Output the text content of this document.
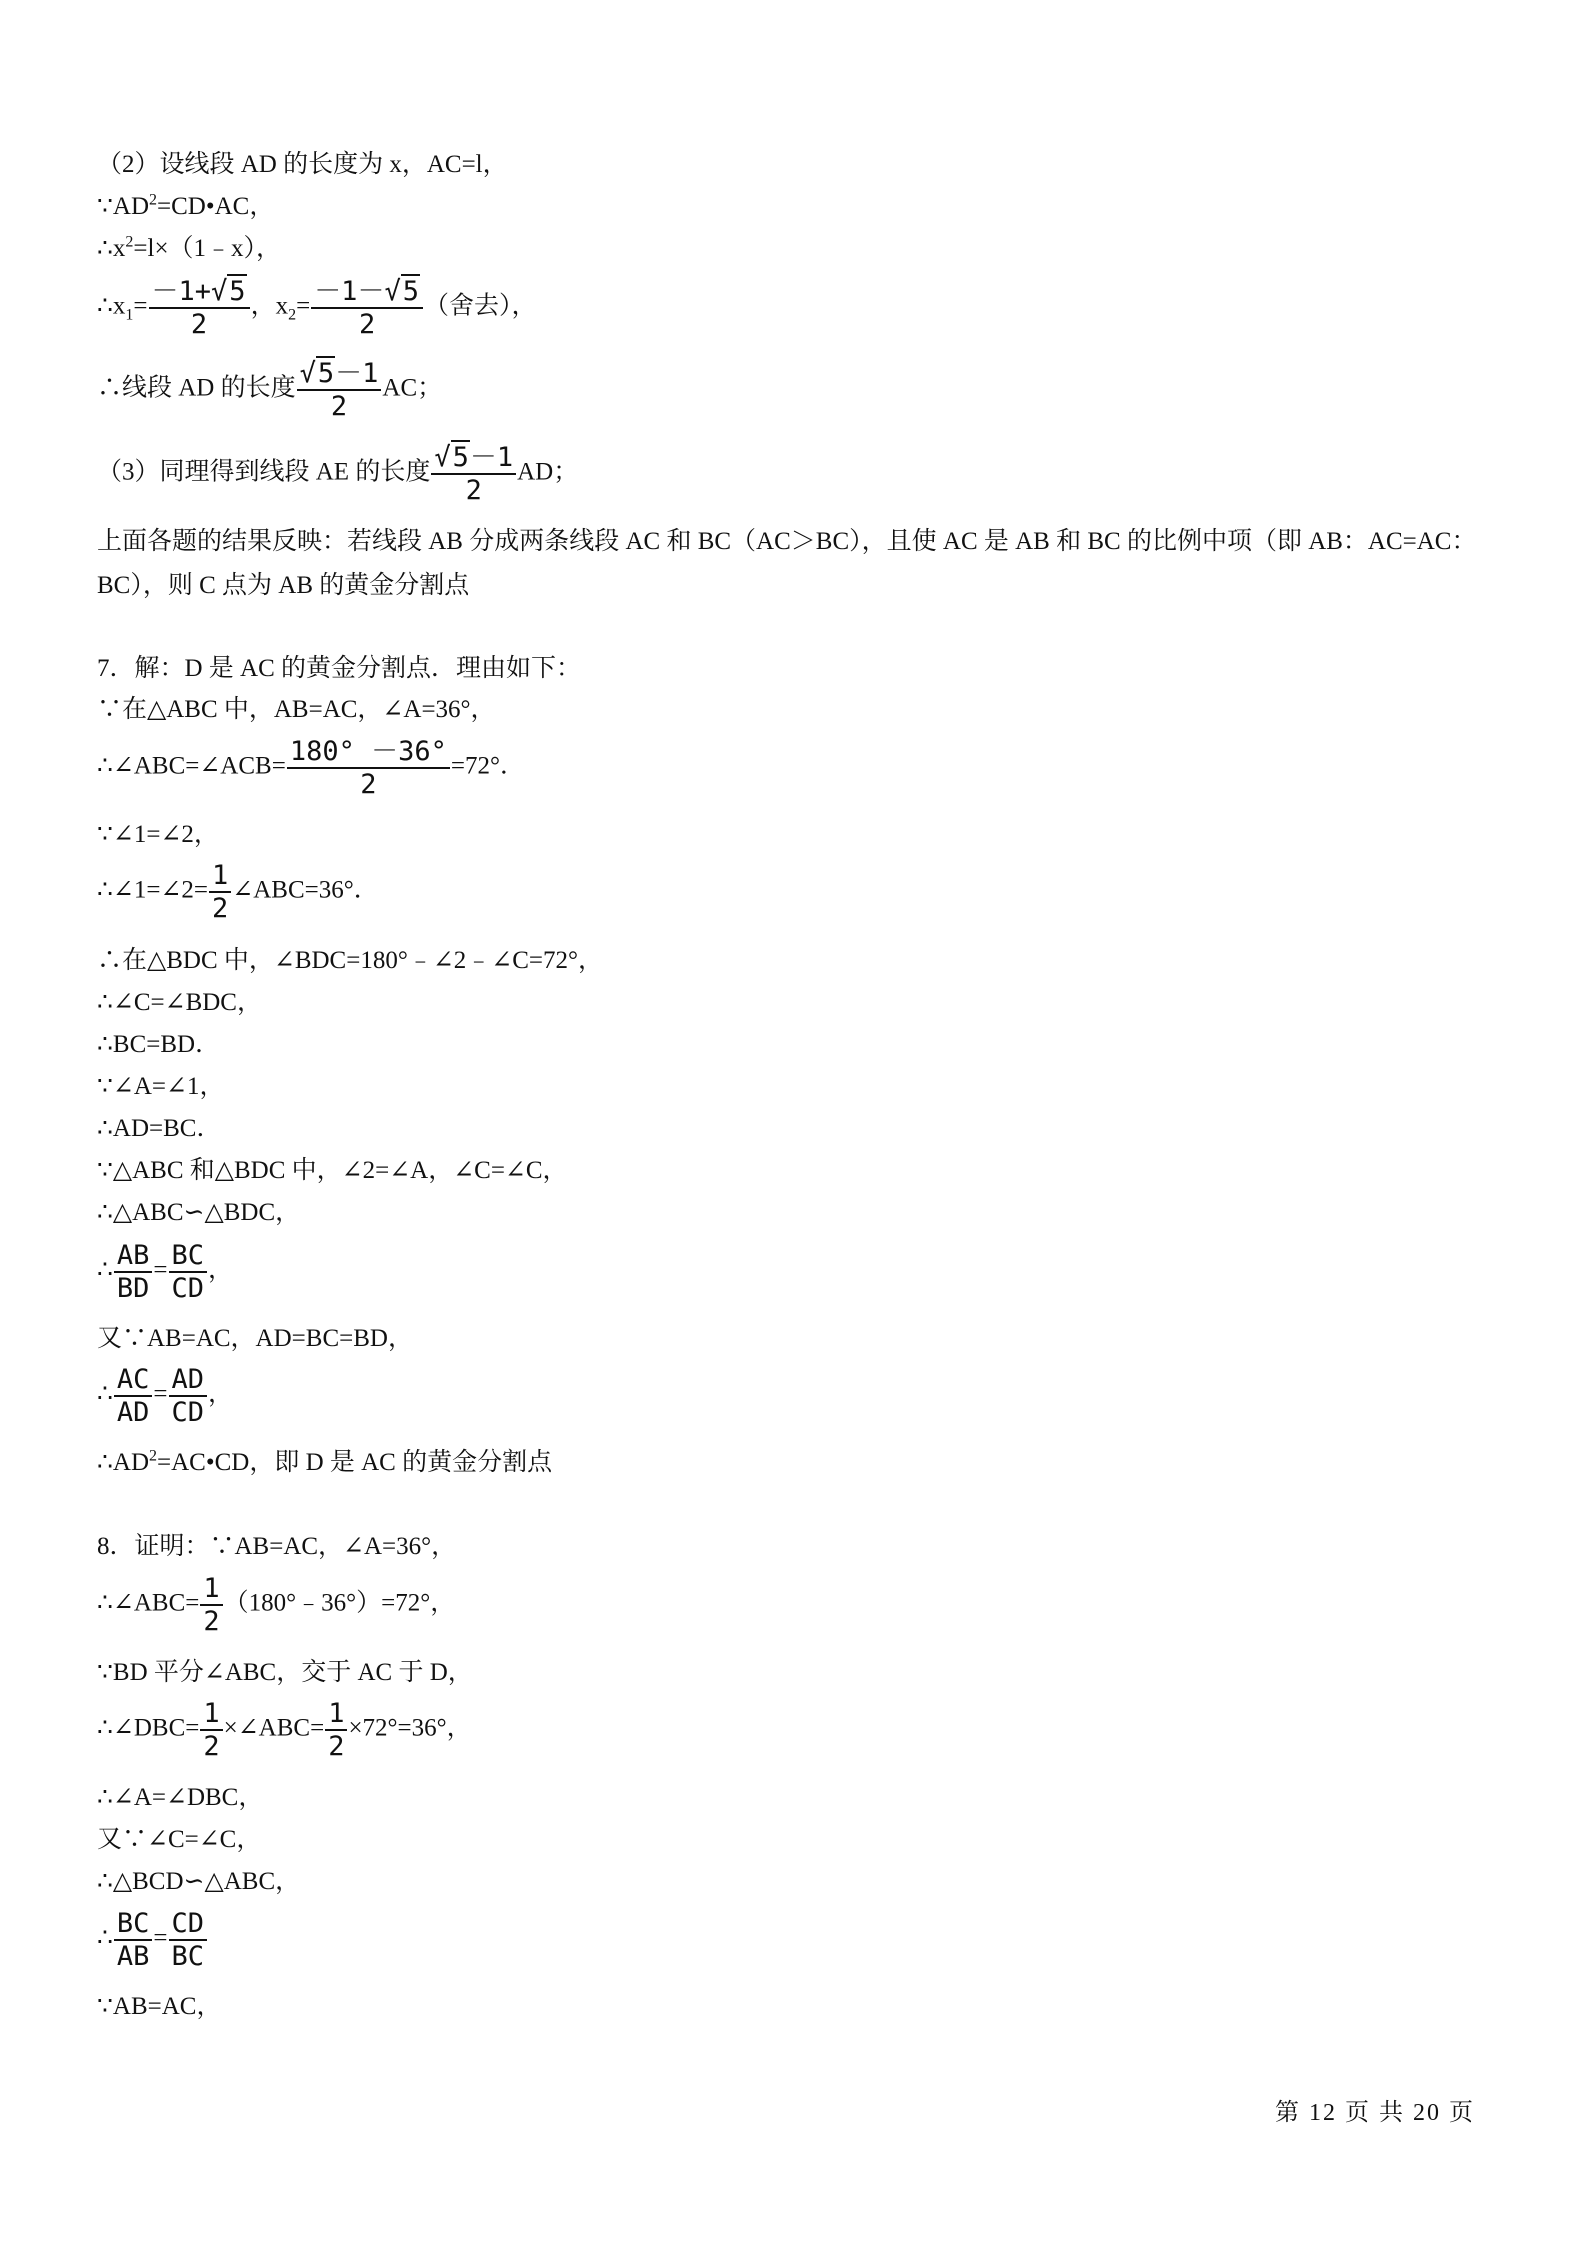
（2）设线段 AD 的长度为 x，AC=l，
$\because AD^2=CD•AC$，
$\therefore x^2=l\times(1﹣x)$，
$\therefore x_1= \frac{-1+√5}{2}$ ，$x_2= \frac{-1-√5}{2}$ （舍去），
∴线段 AD 的长度 $\frac{√5-1}{2}$ AC；
（3）同理得到线段 AE 的长度 $\frac{√5-1}{2}$ AD；
上面各题的结果反映：若线段 AB 分成两条线段 AC 和 BC（AC＞BC），且使 AC 是 AB 和 BC 的比例中项（即 AB：AC=AC：BC），则 C 点为 AB 的黄金分割点
7．解：D 是 AC 的黄金分割点．理由如下：
∵在△ABC 中，AB=AC，∠A=36°，
∴∠ABC=∠ACB= $\frac{180^\circ -36^\circ}{2} =72^\circ$．
∵∠1=∠2，
∴∠1=∠2= $\frac{1}{2}$ ∠ABC=36°．
∴在△BDC 中，∠BDC=180°﹣∠2﹣∠C=72°，
∴∠C=∠BDC，
∴BC=BD．
∵∠A=∠1，
∴AD=BC．
∵△ABC 和△BDC 中，∠2=∠A，∠C=∠C，
∴△ABC∽△BDC，
∴ $\frac{AB}{BD} = \frac{BC}{CD}$ ，
又∵AB=AC，AD=BC=BD，
∴ $\frac{AC}{AD} = \frac{AD}{CD}$ ，
$\therefore AD^2=AC•CD$，即 D 是 AC 的黄金分割点
8．证明：∵AB=AC，∠A=36°，
∴∠ABC= $\frac{1}{2}$ （180°﹣36°）=72°，
∵BD 平分∠ABC，交于 AC 于 D，
∴∠DBC= $\frac{1}{2}$ ×∠ABC= $\frac{1}{2} \times 72^\circ=36^\circ$，
∴∠A=∠DBC，
又∵∠C=∠C，
∴△BCD∽△ABC，
∴ $\frac{BC}{AB} = \frac{CD}{BC}$
∵AB=AC，
第 12 页 共 20 页
